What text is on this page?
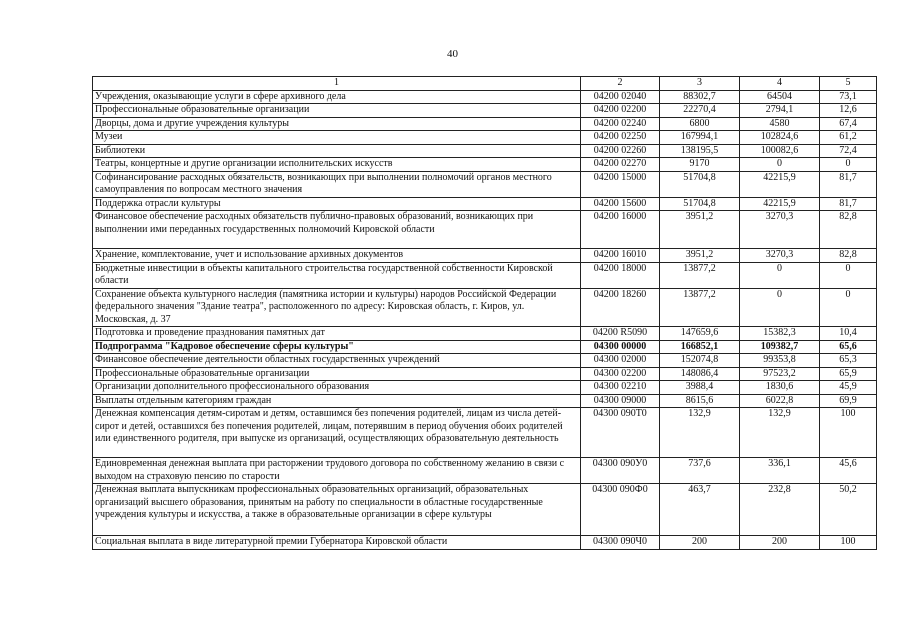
40
1	2	3	4	5
Учреждения, оказывающие услуги в сфере архивного дела	04200 02040	88302,7	64504	73,1
Профессиональные образовательные организации	04200 02200	22270,4	2794,1	12,6
Дворцы, дома и другие учреждения культуры	04200 02240	6800	4580	67,4
Музеи	04200 02250	167994,1	102824,6	61,2
Библиотеки	04200 02260	138195,5	100082,6	72,4
Театры, концертные и другие организации исполнительских искусств	04200 02270	9170	0	0
Софинансирование расходных обязательств, возникающих при выполнении полномочий органов местного самоуправления по вопросам местного значения	04200 15000	51704,8	42215,9	81,7
Поддержка отрасли культуры	04200 15600	51704,8	42215,9	81,7
Финансовое обеспечение расходных обязательств публично-правовых образований, возникающих при выполнении ими переданных государственных полномочий Кировской области	04200 16000	3951,2	3270,3	82,8
Хранение, комплектование, учет и использование архивных документов	04200 16010	3951,2	3270,3	82,8
Бюджетные инвестиции в объекты капитального строительства государственной собственности Кировской области	04200 18000	13877,2	0	0
Сохранение объекта культурного наследия (памятника истории и культуры) народов Российской Федерации федерального значения "Здание театра", расположенного по адресу: Кировская область, г. Киров, ул. Московская, д. 37	04200 18260	13877,2	0	0
Подготовка и проведение празднования памятных дат	04200 R5090	147659,6	15382,3	10,4
Подпрограмма "Кадровое обеспечение сферы культуры"	04300 00000	166852,1	109382,7	65,6
Финансовое обеспечение деятельности областных государственных учреждений	04300 02000	152074,8	99353,8	65,3
Профессиональные образовательные организации	04300 02200	148086,4	97523,2	65,9
Организации дополнительного профессионального образования	04300 02210	3988,4	1830,6	45,9
Выплаты отдельным категориям граждан	04300 09000	8615,6	6022,8	69,9
Денежная компенсация детям-сиротам и детям, оставшимся без попечения родителей, лицам из числа детей-сирот и детей, оставшихся без попечения родителей, лицам, потерявшим в период обучения обоих родителей или единственного родителя, при выпуске из организаций, осуществляющих образовательную деятельность	04300 090Т0	132,9	132,9	100
Единовременная денежная выплата при расторжении трудового договора по собственному желанию в связи с выходом на страховую пенсию по старости	04300 090У0	737,6	336,1	45,6
Денежная выплата выпускникам профессиональных образовательных организаций, образовательных организаций высшего образования, принятым на работу по специальности в областные государственные учреждения культуры и искусства, а также в образовательные организации в сфере культуры	04300 090Ф0	463,7	232,8	50,2
Социальная выплата в виде литературной премии Губернатора Кировской области	04300 090Ч0	200	200	100
